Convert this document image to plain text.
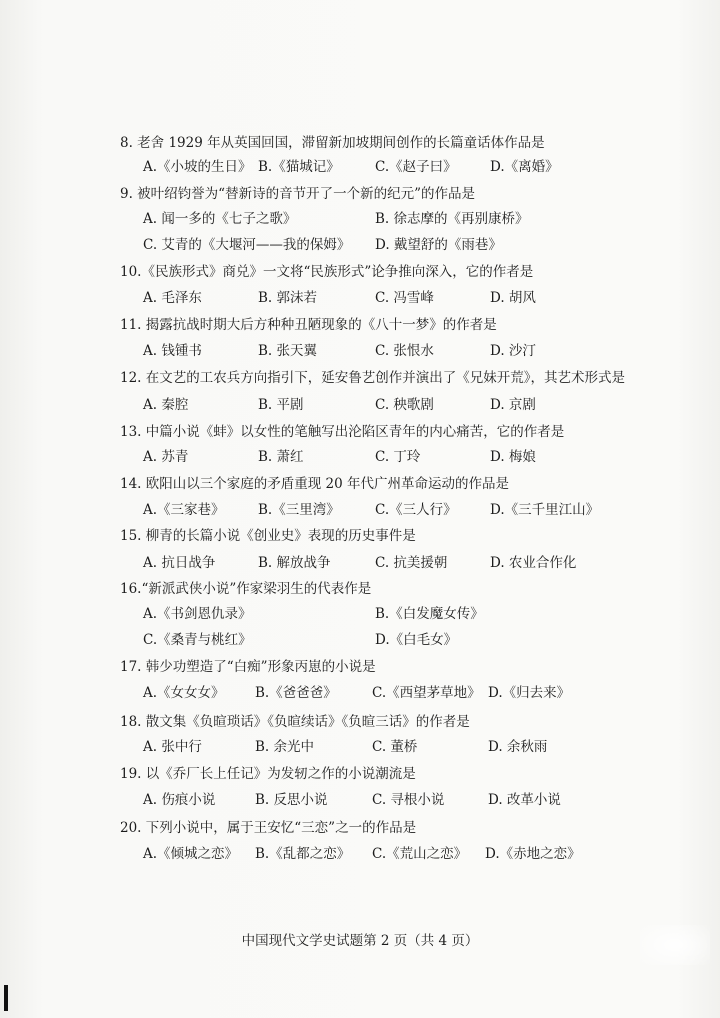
8. 老舍 1929 年从英国回国，滞留新加坡期间创作的长篇童话体作品是
A.《小坡的生日》 B.《猫城记》	C.《赵子曰》 D.《离婚》
9. 被叶绍钧誉为“替新诗的音节开了一个新的纪元”的作品是
A. 闻一多的《七子之歌》	B. 徐志摩的《再别康桥》
C. 艾青的《大堰河——我的保姆》 D. 戴望舒的《雨巷》
10.《民族形式》商兑》一文将“民族形式”论争推向深入，它的作者是
A. 毛泽东	B. 郭沫若	C. 冯雪峰	D. 胡风
11. 揭露抗战时期大后方种种丑陋现象的《八十一梦》的作者是
A. 钱锺书	B. 张天翼	C. 张恨水	D. 沙汀
12. 在文艺的工农兵方向指引下，延安鲁艺创作并演出了《兄妹开荒》，其艺术形式是
A. 秦腔	B. 平剧	C. 秧歌剧	D. 京剧
13. 中篇小说《蚌》以女性的笔触写出沦陷区青年的内心痛苦，它的作者是
A. 苏青	B. 萧红	C. 丁玲	D. 梅娘
14. 欧阳山以三个家庭的矛盾重现 20 年代广州革命运动的作品是
A.《三家巷》 B.《三里湾》	C.《三人行》 D.《三千里江山》
15. 柳青的长篇小说《创业史》表现的历史事件是
A. 抗日战争	B. 解放战争	C. 抗美援朝	D. 农业合作化
16.“新派武侠小说”作家梁羽生的代表作是
A.《书剑恩仇录》	B.《白发魔女传》
C.《桑青与桃红》	D.《白毛女》
17. 韩少功塑造了“白痴”形象丙崽的小说是
A.《女女女》 B.《爸爸爸》	C.《西望茅草地》 D.《归去来》
18. 散文集《负暄琐话》《负暄续话》《负暄三话》的作者是
A. 张中行	B. 余光中	C. 董桥	D. 余秋雨
19. 以《乔厂长上任记》为发轫之作的小说潮流是
A. 伤痕小说	B. 反思小说	C. 寻根小说	D. 改革小说
20. 下列小说中，属于王安忆“三恋”之一的作品是
A.《倾城之恋》 B.《乱都之恋》 C.《荒山之恋》 D.《赤地之恋》
中国现代文学史试题第 2 页（共 4 页）
